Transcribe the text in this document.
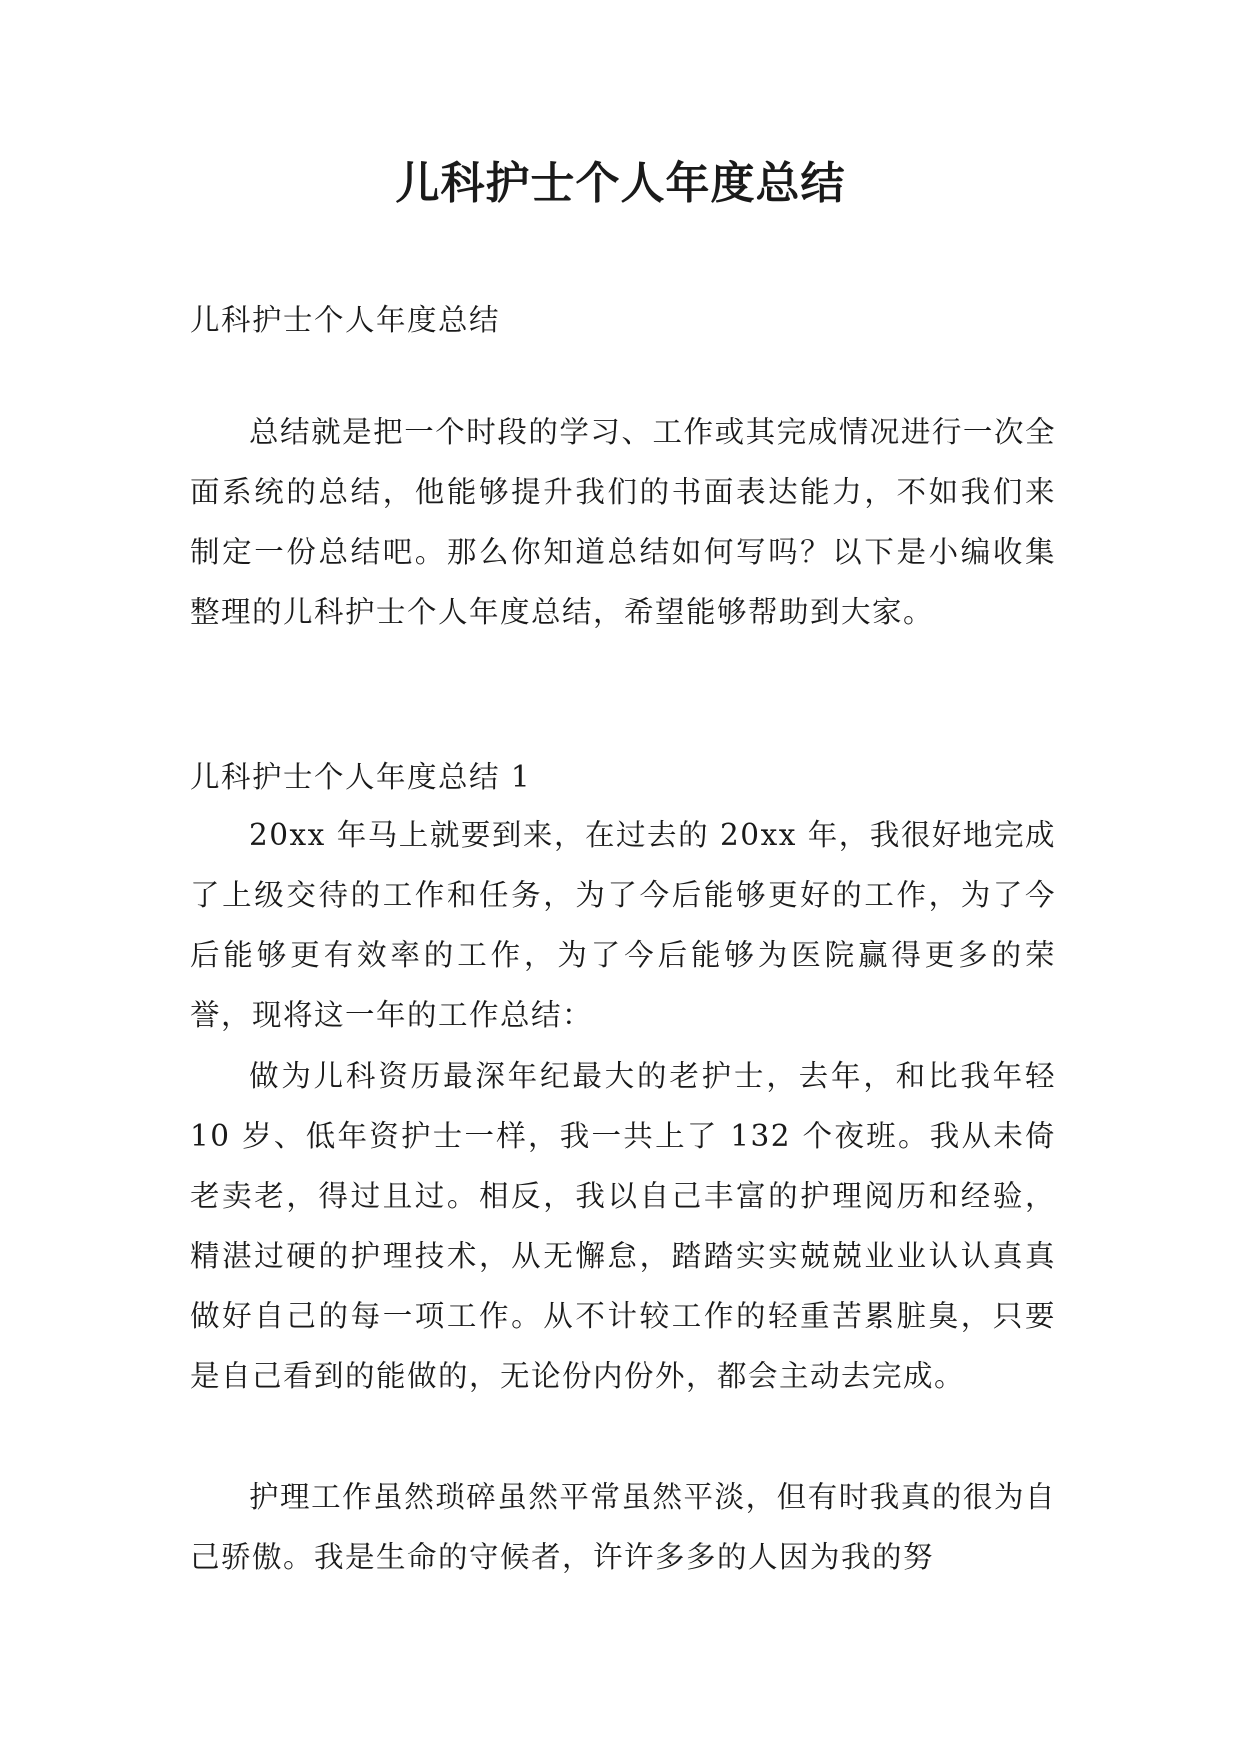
儿科护士个人年度总结

儿科护士个人年度总结

总结就是把一个时段的学习、工作或其完成情况进行一次全面系统的总结，他能够提升我们的书面表达能力，不如我们来制定一份总结吧。那么你知道总结如何写吗？以下是小编收集整理的儿科护士个人年度总结，希望能够帮助到大家。

儿科护士个人年度总结 1

20xx 年马上就要到来，在过去的 20xx 年，我很好地完成了上级交待的工作和任务，为了今后能够更好的工作，为了今后能够更有效率的工作，为了今后能够为医院赢得更多的荣誉，现将这一年的工作总结：

做为儿科资历最深年纪最大的老护士，去年，和比我年轻 10 岁、低年资护士一样，我一共上了 132 个夜班。我从未倚老卖老，得过且过。相反，我以自己丰富的护理阅历和经验，精湛过硬的护理技术，从无懈怠，踏踏实实兢兢业业认认真真做好自己的每一项工作。从不计较工作的轻重苦累脏臭，只要是自己看到的能做的，无论份内份外，都会主动去完成。

护理工作虽然琐碎虽然平常虽然平淡，但有时我真的很为自己骄傲。我是生命的守候者，许许多多的人因为我的努
